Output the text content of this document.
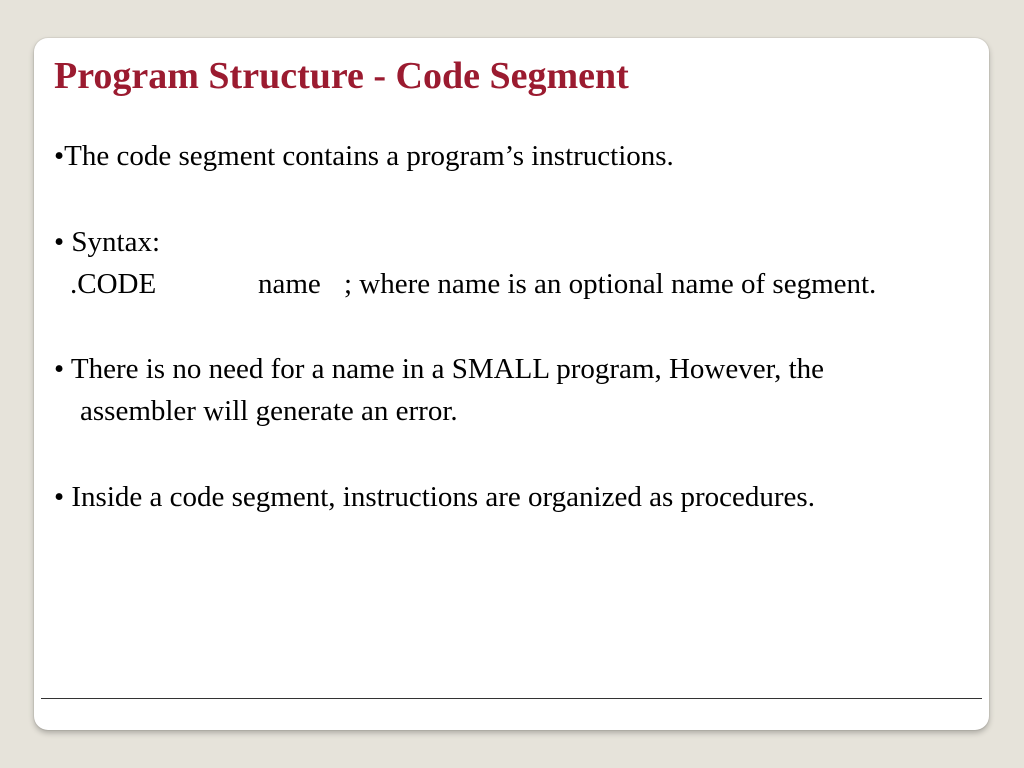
Program Structure - Code Segment
•The code segment contains a program’s instructions.
• Syntax:
.CODE	name ; where name is an optional name of segment.
• There is no need for a name in a SMALL program, However, the
assembler will generate an error.
• Inside a code segment, instructions are organized as procedures.
